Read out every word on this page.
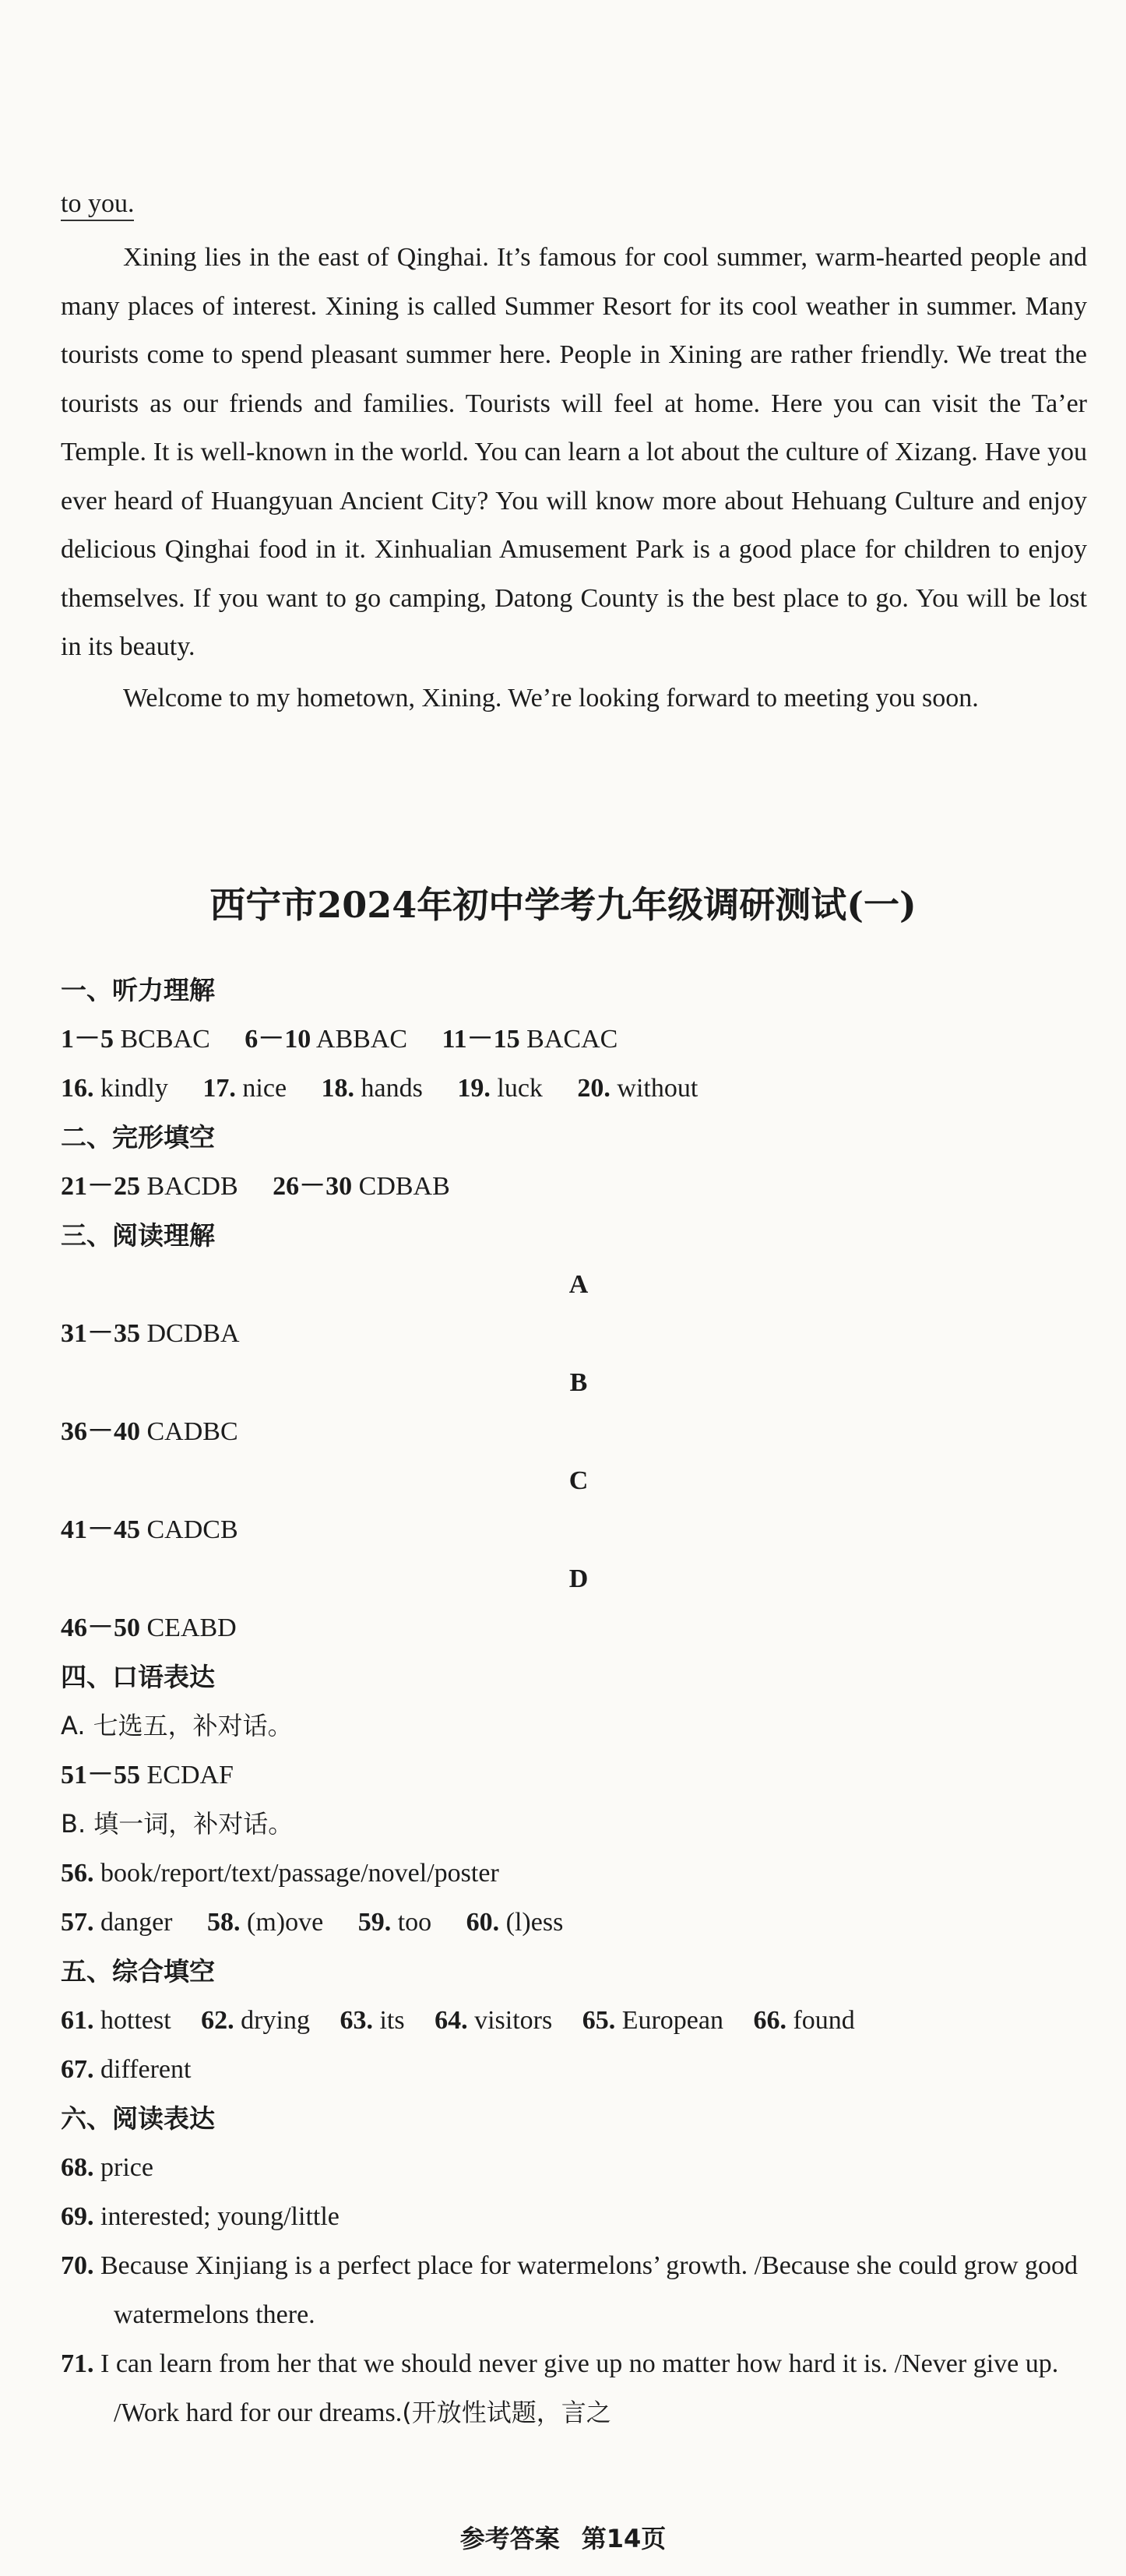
to you.

Xining lies in the east of Qinghai. It’s famous for cool summer, warm-hearted people and many places of interest. Xining is called Summer Resort for its cool weather in summer. Many tourists come to spend pleasant summer here. People in Xining are rather friendly. We treat the tourists as our friends and families. Tourists will feel at home. Here you can visit the Ta’er Temple. It is well-known in the world. You can learn a lot about the culture of Xizang. Have you ever heard of Huangyuan Ancient City? You will know more about Hehuang Culture and enjoy delicious Qinghai food in it. Xinhualian Amusement Park is a good place for children to enjoy themselves. If you want to go camping, Datong County is the best place to go. You will be lost in its beauty.

Welcome to my hometown, Xining. We’re looking forward to meeting you soon.

西宁市2024年初中学考九年级调研测试(一)
一、听力理解
1－5 BCBAC 6－10 ABBAC 11－15 BACAC
16. kindly 17. nice 18. hands 19. luck 20. without
二、完形填空
21－25 BACDB 26－30 CDBAB
三、阅读理解
A
31－35 DCDBA
B
36－40 CADBC
C
41－45 CADCB
D
46－50 CEABD
四、口语表达
A. 七选五，补对话。
51－55 ECDAF
B. 填一词，补对话。
56. book/report/text/passage/novel/poster
57. danger 58. (m)ove 59. too 60. (l)ess
五、综合填空
61. hottest 62. drying 63. its 64. visitors 65. European 66. found
67. different
六、阅读表达
68. price
69. interested; young/little
70. Because Xinjiang is a perfect place for watermelons’ growth. /Because she could grow good watermelons there.
71. I can learn from her that we should never give up no matter how hard it is. /Never give up. /Work hard for our dreams.(开放性试题，言之
参考答案 第14页
